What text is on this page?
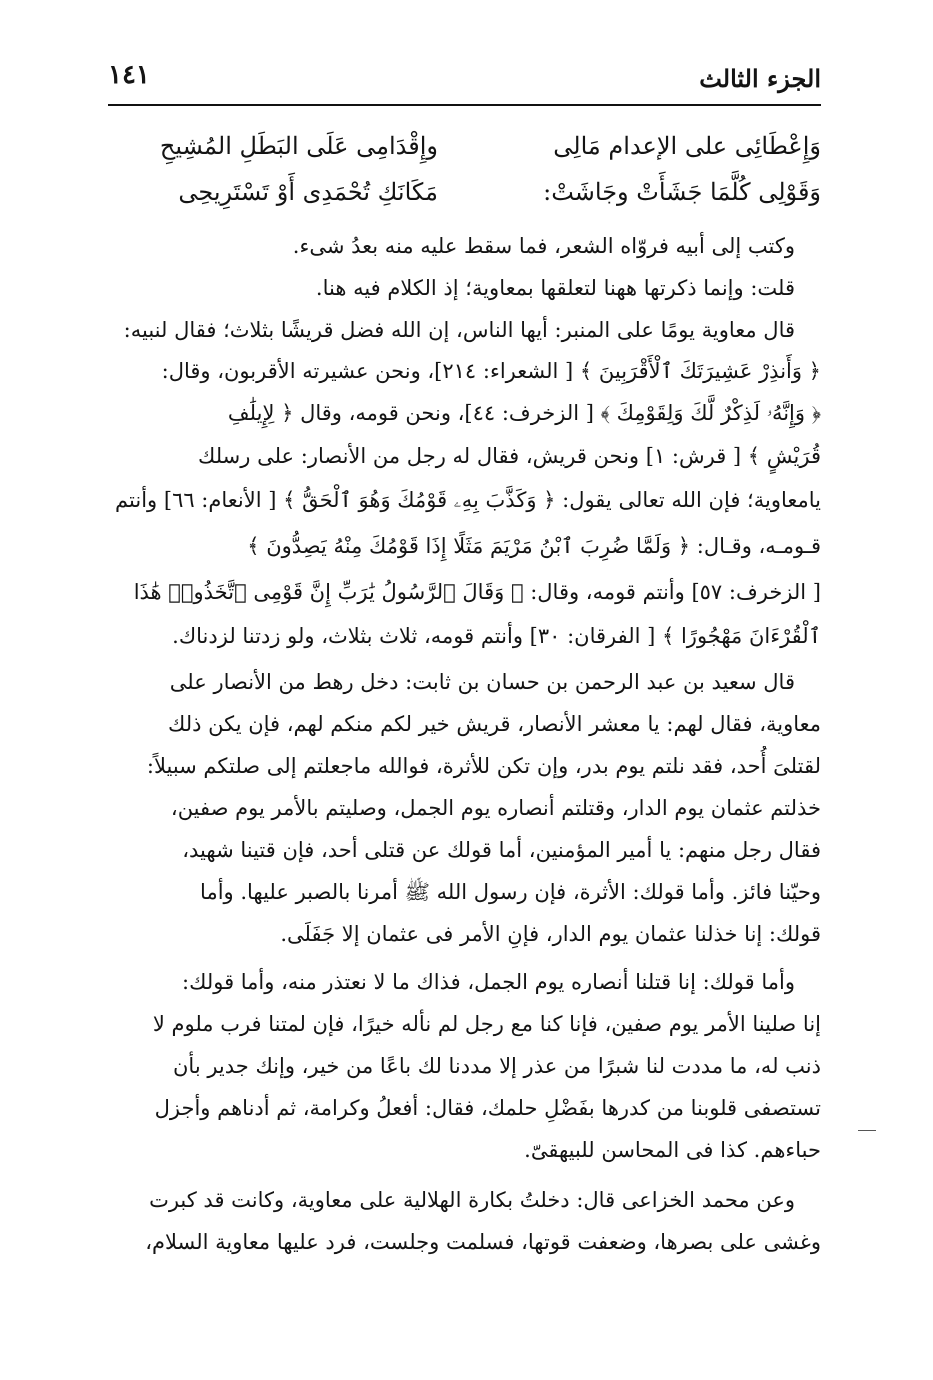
الجزء الثالث
١٤١
وَإِعْطَائِى على الإعدام مَالِى
وإِقْدَامِى عَلَى البَطَلِ المُشِيحِ
وَقَوْلِى كُلَّمَا جَشَأَتْ وجَاشَتْ:
مَكَانَكِ تُحْمَدِى أَوْ تَسْتَرِيحِى
وكتب إلى أبيه فروّاه الشعر، فما سقط عليه منه بعدُ شىء.
قلت: وإنما ذكرتها ههنا لتعلقها بمعاوية؛ إذ الكلام فيه هنا.
قال معاوية يومًا على المنبر: أيها الناس، إن الله فضل قريشًا بثلاث؛ فقال لنبيه:
﴿ وَأَنذِرْ عَشِيرَتَكَ ٱلْأَقْرَبِينَ ﴾ [ الشعراء: ٢١٤]، ونحن عشيرته الأقربون، وقال:
﴿ وَإِنَّهُۥ لَذِكْرٌ لَّكَ وَلِقَوْمِكَ ﴾ [ الزخرف: ٤٤]، ونحن قومه، وقال ﴿ لِإِيلَٰفِ
قُرَيْشٍ ﴾ [ قرش: ١] ونحن قريش، فقال له رجل من الأنصار: على رسلك
يامعاوية؛ فإن الله تعالى يقول: ﴿ وَكَذَّبَ بِهِۦ قَوْمُكَ وَهُوَ ٱلْحَقُّ ﴾ [ الأنعام: ٦٦] وأنتم
قـومـه، وقـال: ﴿ وَلَمَّا ضُرِبَ ٱبْنُ مَرْيَمَ مَثَلًا إِذَا قَوْمُكَ مِنْهُ يَصِدُّونَ ﴾
[ الزخرف: ٥٧] وأنتم قومه، وقال: ﴿ وَقَالَ ٱلرَّسُولُ يَٰرَبِّ إِنَّ قَوْمِى ٱتَّخَذُوا۟ هَٰذَا
ٱلْقُرْءَانَ مَهْجُورًا ﴾ [ الفرقان: ٣٠] وأنتم قومه، ثلاث بثلاث، ولو زدتنا لزدناك.
قال سعيد بن عبد الرحمن بن حسان بن ثابت: دخل رهط من الأنصار على
معاوية، فقال لهم: يا معشر الأنصار، قريش خير لكم منكم لهم، فإن يكن ذلك
لقتلىَ أُحد، فقد نلتم يوم بدر، وإن تكن للأثرة، فوالله ماجعلتم إلى صلتكم سبيلاً:
خذلتم عثمان يوم الدار، وقتلتم أنصاره يوم الجمل، وصليتم بالأمر يوم صفين،
فقال رجل منهم: يا أمير المؤمنين، أما قولك عن قتلى أحد، فإن قتينا شهيد،
وحيّنا فائز. وأما قولك: الأثرة، فإن رسول الله ﷺ أمرنا بالصبر عليها. وأما
قولك: إنا خذلنا عثمان يوم الدار، فإنِ الأمر فى عثمان إلا جَفَلَى.
وأما قولك: إنا قتلنا أنصاره يوم الجمل، فذاك ما لا نعتذر منه، وأما قولك:
إنا صلينا الأمر يوم صفين، فإنا كنا مع رجل لم نأله خيرًا، فإن لمتنا فرب ملوم لا
ذنب له، ما مددت لنا شبرًا من عذر إلا مددنا لك باعًا من خير، وإنك جدير بأن
تستصفى قلوبنا من كدرها بفَضْلِ حلمك، فقال: أفعلُ وكرامة، ثم أدناهم وأجزل
حباءهم. كذا فى المحاسن للبيهقىّ.
وعن محمد الخزاعى قال: دخلتُ بكارة الهلالية على معاوية، وكانت قد كبرت
وغشى على بصرها، وضعفت قوتها، فسلمت وجلست، فرد عليها معاوية السلام،
